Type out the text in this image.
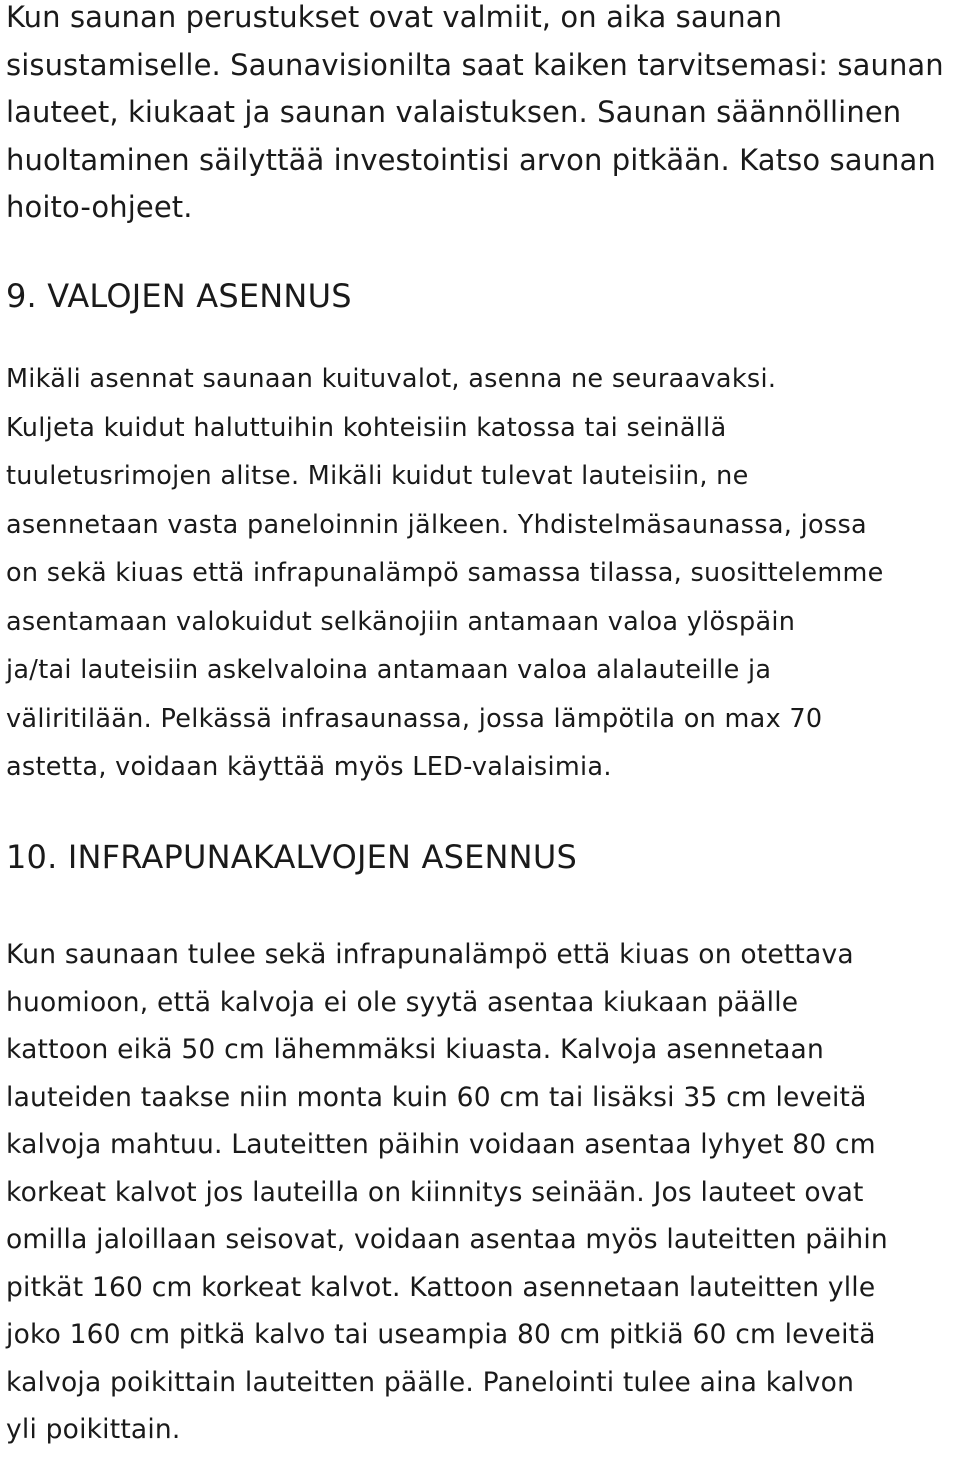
Kun saunan perustukset ovat valmiit, on aika saunan
sisustamiselle. Saunavisionilta saat kaiken tarvitsemasi: saunan
lauteet, kiukaat ja saunan valaistuksen. Saunan säännöllinen
huoltaminen säilyttää investointisi arvon pitkään. Katso saunan
hoito-ohjeet.

9. VALOJEN ASENNUS

Mikäli asennat saunaan kuituvalot, asenna ne seuraavaksi.
Kuljeta kuidut haluttuihin kohteisiin katossa tai seinällä
tuuletusrimojen alitse. Mikäli kuidut tulevat lauteisiin, ne
asennetaan vasta paneloinnin jälkeen. Yhdistelmäsaunassa, jossa
on sekä kiuas että infrapunalämpö samassa tilassa, suosittelemme
asentamaan valokuidut selkänojiin antamaan valoa ylöspäin
ja/tai lauteisiin askelvaloina antamaan valoa alalauteille ja
väliritilään. Pelkässä infrasaunassa, jossa lämpötila on max 70
astetta, voidaan käyttää myös LED-valaisimia.

10. INFRAPUNAKALVOJEN ASENNUS

Kun saunaan tulee sekä infrapunalämpö että kiuas on otettava
huomioon, että kalvoja ei ole syytä asentaa kiukaan päälle
kattoon eikä 50 cm lähemmäksi kiuasta. Kalvoja asennetaan
lauteiden taakse niin monta kuin 60 cm tai lisäksi 35 cm leveitä
kalvoja mahtuu. Lauteitten päihin voidaan asentaa lyhyet 80 cm
korkeat kalvot jos lauteilla on kiinnitys seinään. Jos lauteet ovat
omilla jaloillaan seisovat, voidaan asentaa myös lauteitten päihin
pitkät 160 cm korkeat kalvot. Kattoon asennetaan lauteitten ylle
joko 160 cm pitkä kalvo tai useampia 80 cm pitkiä 60 cm leveitä
kalvoja poikittain lauteitten päälle. Panelointi tulee aina kalvon
yli poikittain.
